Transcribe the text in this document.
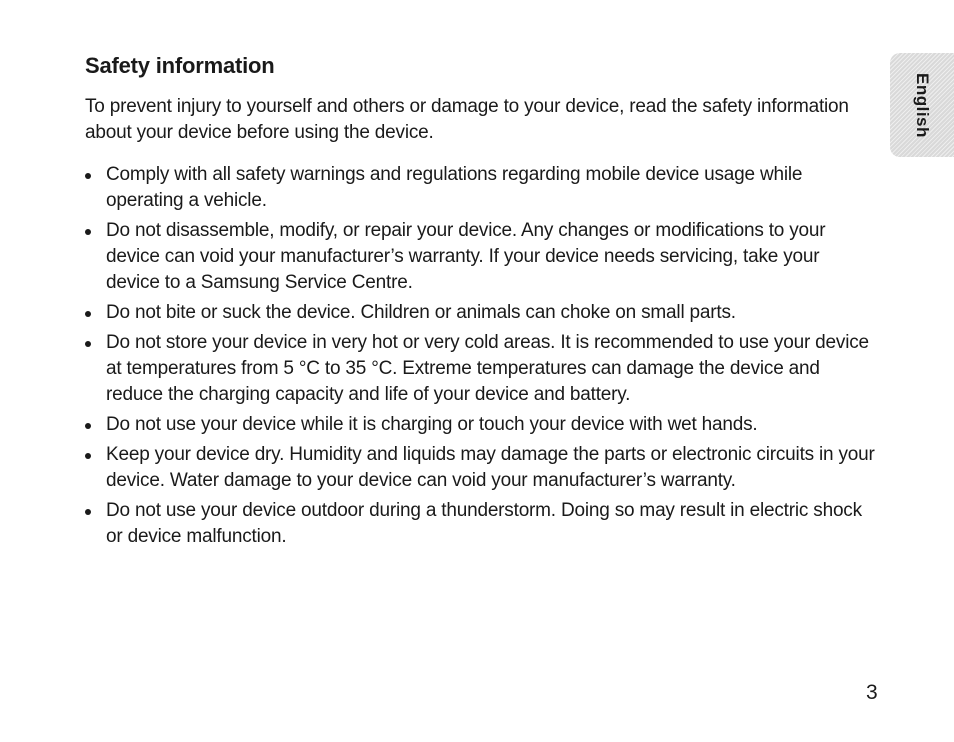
Safety information

To prevent injury to yourself and others or damage to your device, read the safety information about your device before using the device.

Comply with all safety warnings and regulations regarding mobile device usage while operating a vehicle.
Do not disassemble, modify, or repair your device. Any changes or modifications to your device can void your manufacturer’s warranty. If your device needs servicing, take your device to a Samsung Service Centre.
Do not bite or suck the device. Children or animals can choke on small parts.
Do not store your device in very hot or very cold areas. It is recommended to use your device at temperatures from 5 °C to 35 °C. Extreme temperatures can damage the device and reduce the charging capacity and life of your device and battery.
Do not use your device while it is charging or touch your device with wet hands.
Keep your device dry. Humidity and liquids may damage the parts or electronic circuits in your device. Water damage to your device can void your manufacturer’s warranty.
Do not use your device outdoor during a thunderstorm. Doing so may result in electric shock or device malfunction.
English
3
